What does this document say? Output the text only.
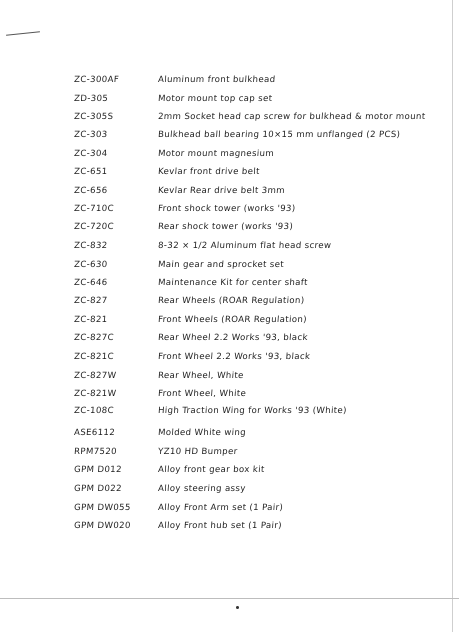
ZC-300AF	Aluminum front bulkhead
ZD-305	Motor mount top cap set
ZC-305S	2mm Socket head cap screw for bulkhead & motor mount
ZC-303	Bulkhead ball bearing 10×15 mm unflanged (2 PCS)
ZC-304	Motor mount magnesium
ZC-651	Kevlar front drive belt
ZC-656	Kevlar Rear drive belt 3mm
ZC-710C	Front shock tower (works '93)
ZC-720C	Rear shock tower (works '93)
ZC-832	8-32 × 1/2 Aluminum flat head screw
ZC-630	Main gear and sprocket set
ZC-646	Maintenance Kit for center shaft
ZC-827	Rear Wheels (ROAR Regulation)
ZC-821	Front Wheels (ROAR Regulation)
ZC-827C	Rear Wheel 2.2 Works '93, black
ZC-821C	Front Wheel 2.2 Works '93, black
ZC-827W	Rear Wheel, White
ZC-821W	Front Wheel, White
ZC-108C	High Traction Wing for Works '93 (White)
ASE6112	Molded White wing
RPM7520	YZ10 HD Bumper
GPM D012	Alloy front gear box kit
GPM D022	Alloy steering assy
GPM DW055	Alloy Front Arm set (1 Pair)
GPM DW020	Alloy Front hub set (1 Pair)
